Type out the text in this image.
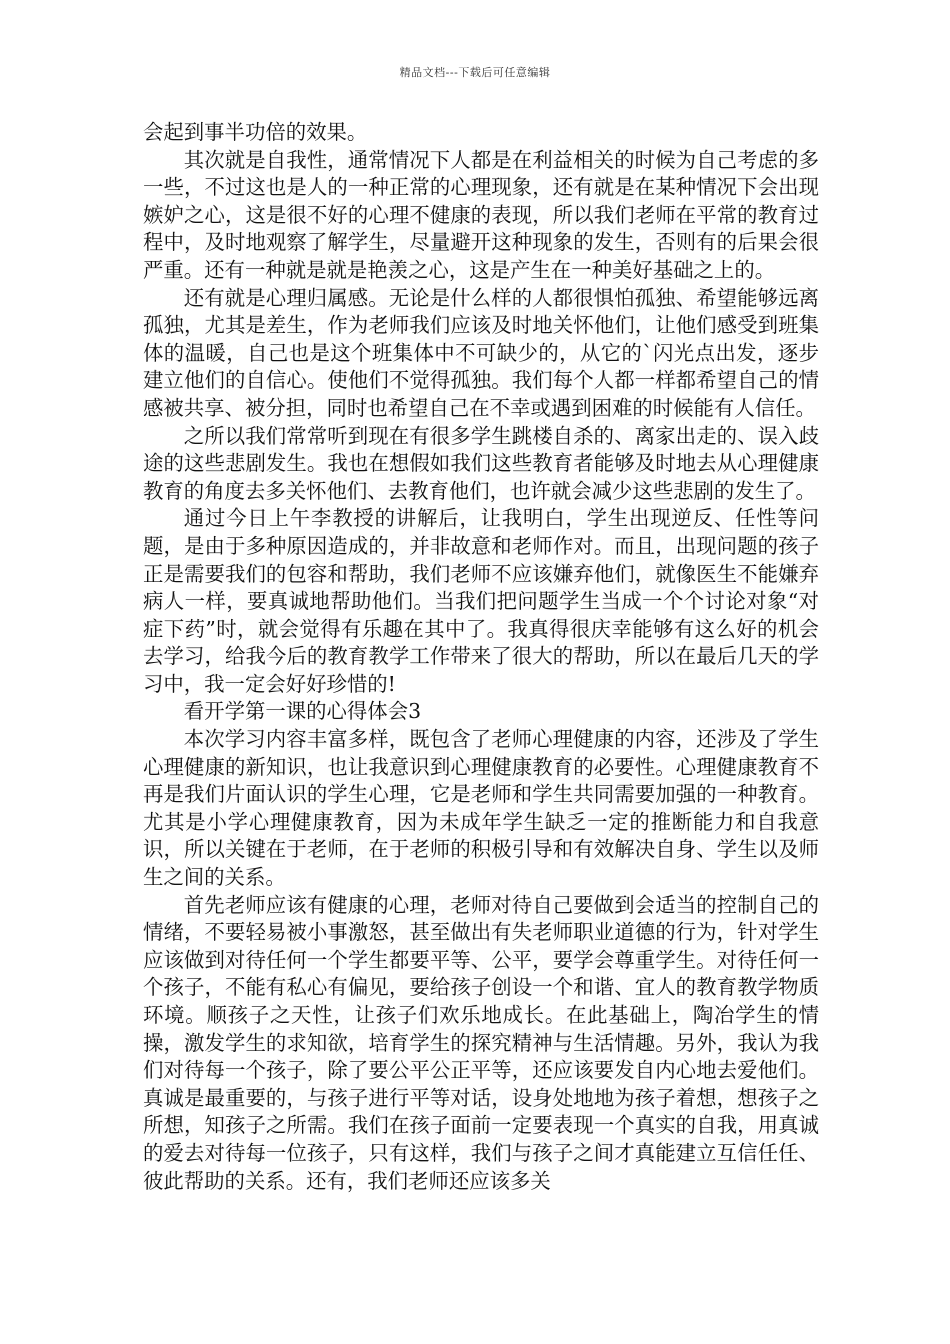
精品文档---下载后可任意编辑

会起到事半功倍的效果。

其次就是自我性，通常情况下人都是在利益相关的时候为自己考虑的多一些，不过这也是人的一种正常的心理现象，还有就是在某种情况下会出现嫉妒之心，这是很不好的心理不健康的表现，所以我们老师在平常的教育过程中，及时地观察了解学生，尽量避开这种现象的发生，否则有的后果会很严重。还有一种就是就是艳羡之心，这是产生在一种美好基础之上的。

还有就是心理归属感。无论是什么样的人都很惧怕孤独、希望能够远离孤独，尤其是差生，作为老师我们应该及时地关怀他们，让他们感受到班集体的温暖，自己也是这个班集体中不可缺少的，从它的`闪光点出发，逐步建立他们的自信心。使他们不觉得孤独。我们每个人都一样都希望自己的情感被共享、被分担，同时也希望自己在不幸或遇到困难的时候能有人信任。

之所以我们常常听到现在有很多学生跳楼自杀的、离家出走的、误入歧途的这些悲剧发生。我也在想假如我们这些教育者能够及时地去从心理健康教育的角度去多关怀他们、去教育他们，也许就会减少这些悲剧的发生了。

通过今日上午李教授的讲解后，让我明白，学生出现逆反、任性等问题，是由于多种原因造成的，并非故意和老师作对。而且，出现问题的孩子正是需要我们的包容和帮助，我们老师不应该嫌弃他们，就像医生不能嫌弃病人一样，要真诚地帮助他们。当我们把问题学生当成一个个讨论对象“对症下药”时，就会觉得有乐趣在其中了。我真得很庆幸能够有这么好的机会去学习，给我今后的教育教学工作带来了很大的帮助，所以在最后几天的学习中，我一定会好好珍惜的!

看开学第一课的心得体会3

本次学习内容丰富多样，既包含了老师心理健康的内容，还涉及了学生心理健康的新知识，也让我意识到心理健康教育的必要性。心理健康教育不再是我们片面认识的学生心理，它是老师和学生共同需要加强的一种教育。尤其是小学心理健康教育，因为未成年学生缺乏一定的推断能力和自我意识，所以关键在于老师，在于老师的积极引导和有效解决自身、学生以及师生之间的关系。

首先老师应该有健康的心理，老师对待自己要做到会适当的控制自己的情绪，不要轻易被小事激怒，甚至做出有失老师职业道德的行为，针对学生应该做到对待任何一个学生都要平等、公平，要学会尊重学生。对待任何一个孩子，不能有私心有偏见，要给孩子创设一个和谐、宜人的教育教学物质环境。顺孩子之天性，让孩子们欢乐地成长。在此基础上，陶冶学生的情操，激发学生的求知欲，培育学生的探究精神与生活情趣。另外，我认为我们对待每一个孩子，除了要公平公正平等，还应该要发自内心地去爱他们。真诚是最重要的，与孩子进行平等对话，设身处地地为孩子着想，想孩子之所想，知孩子之所需。我们在孩子面前一定要表现一个真实的自我，用真诚的爱去对待每一位孩子，只有这样，我们与孩子之间才真能建立互信任任、彼此帮助的关系。还有，我们老师还应该多关
